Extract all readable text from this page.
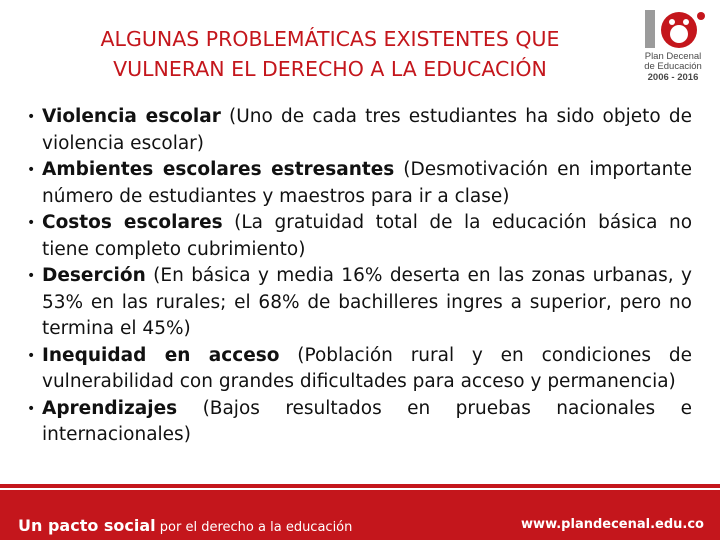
ALGUNAS PROBLEMÁTICAS EXISTENTES QUE
VULNERAN EL DERECHO A LA EDUCACIÓN
Plan Decenal
de Educación
2006 - 2016
• Violencia escolar (Uno de cada tres estudiantes ha sido objeto de violencia escolar)
• Ambientes escolares estresantes (Desmotivación en importante número de estudiantes y maestros para ir a clase)
• Costos escolares (La gratuidad total de la educación básica no tiene completo cubrimiento)
• Deserción (En básica y media 16% deserta en las zonas urbanas, y 53% en las rurales; el 68% de bachilleres ingres a superior, pero no termina el 45%)
• Inequidad en acceso (Población rural y en condiciones de vulnerabilidad con grandes dificultades para acceso y permanencia)
• Aprendizajes (Bajos resultados en pruebas nacionales e internacionales)
Un pacto social por el derecho a la educación	www.plandecenal.edu.co
